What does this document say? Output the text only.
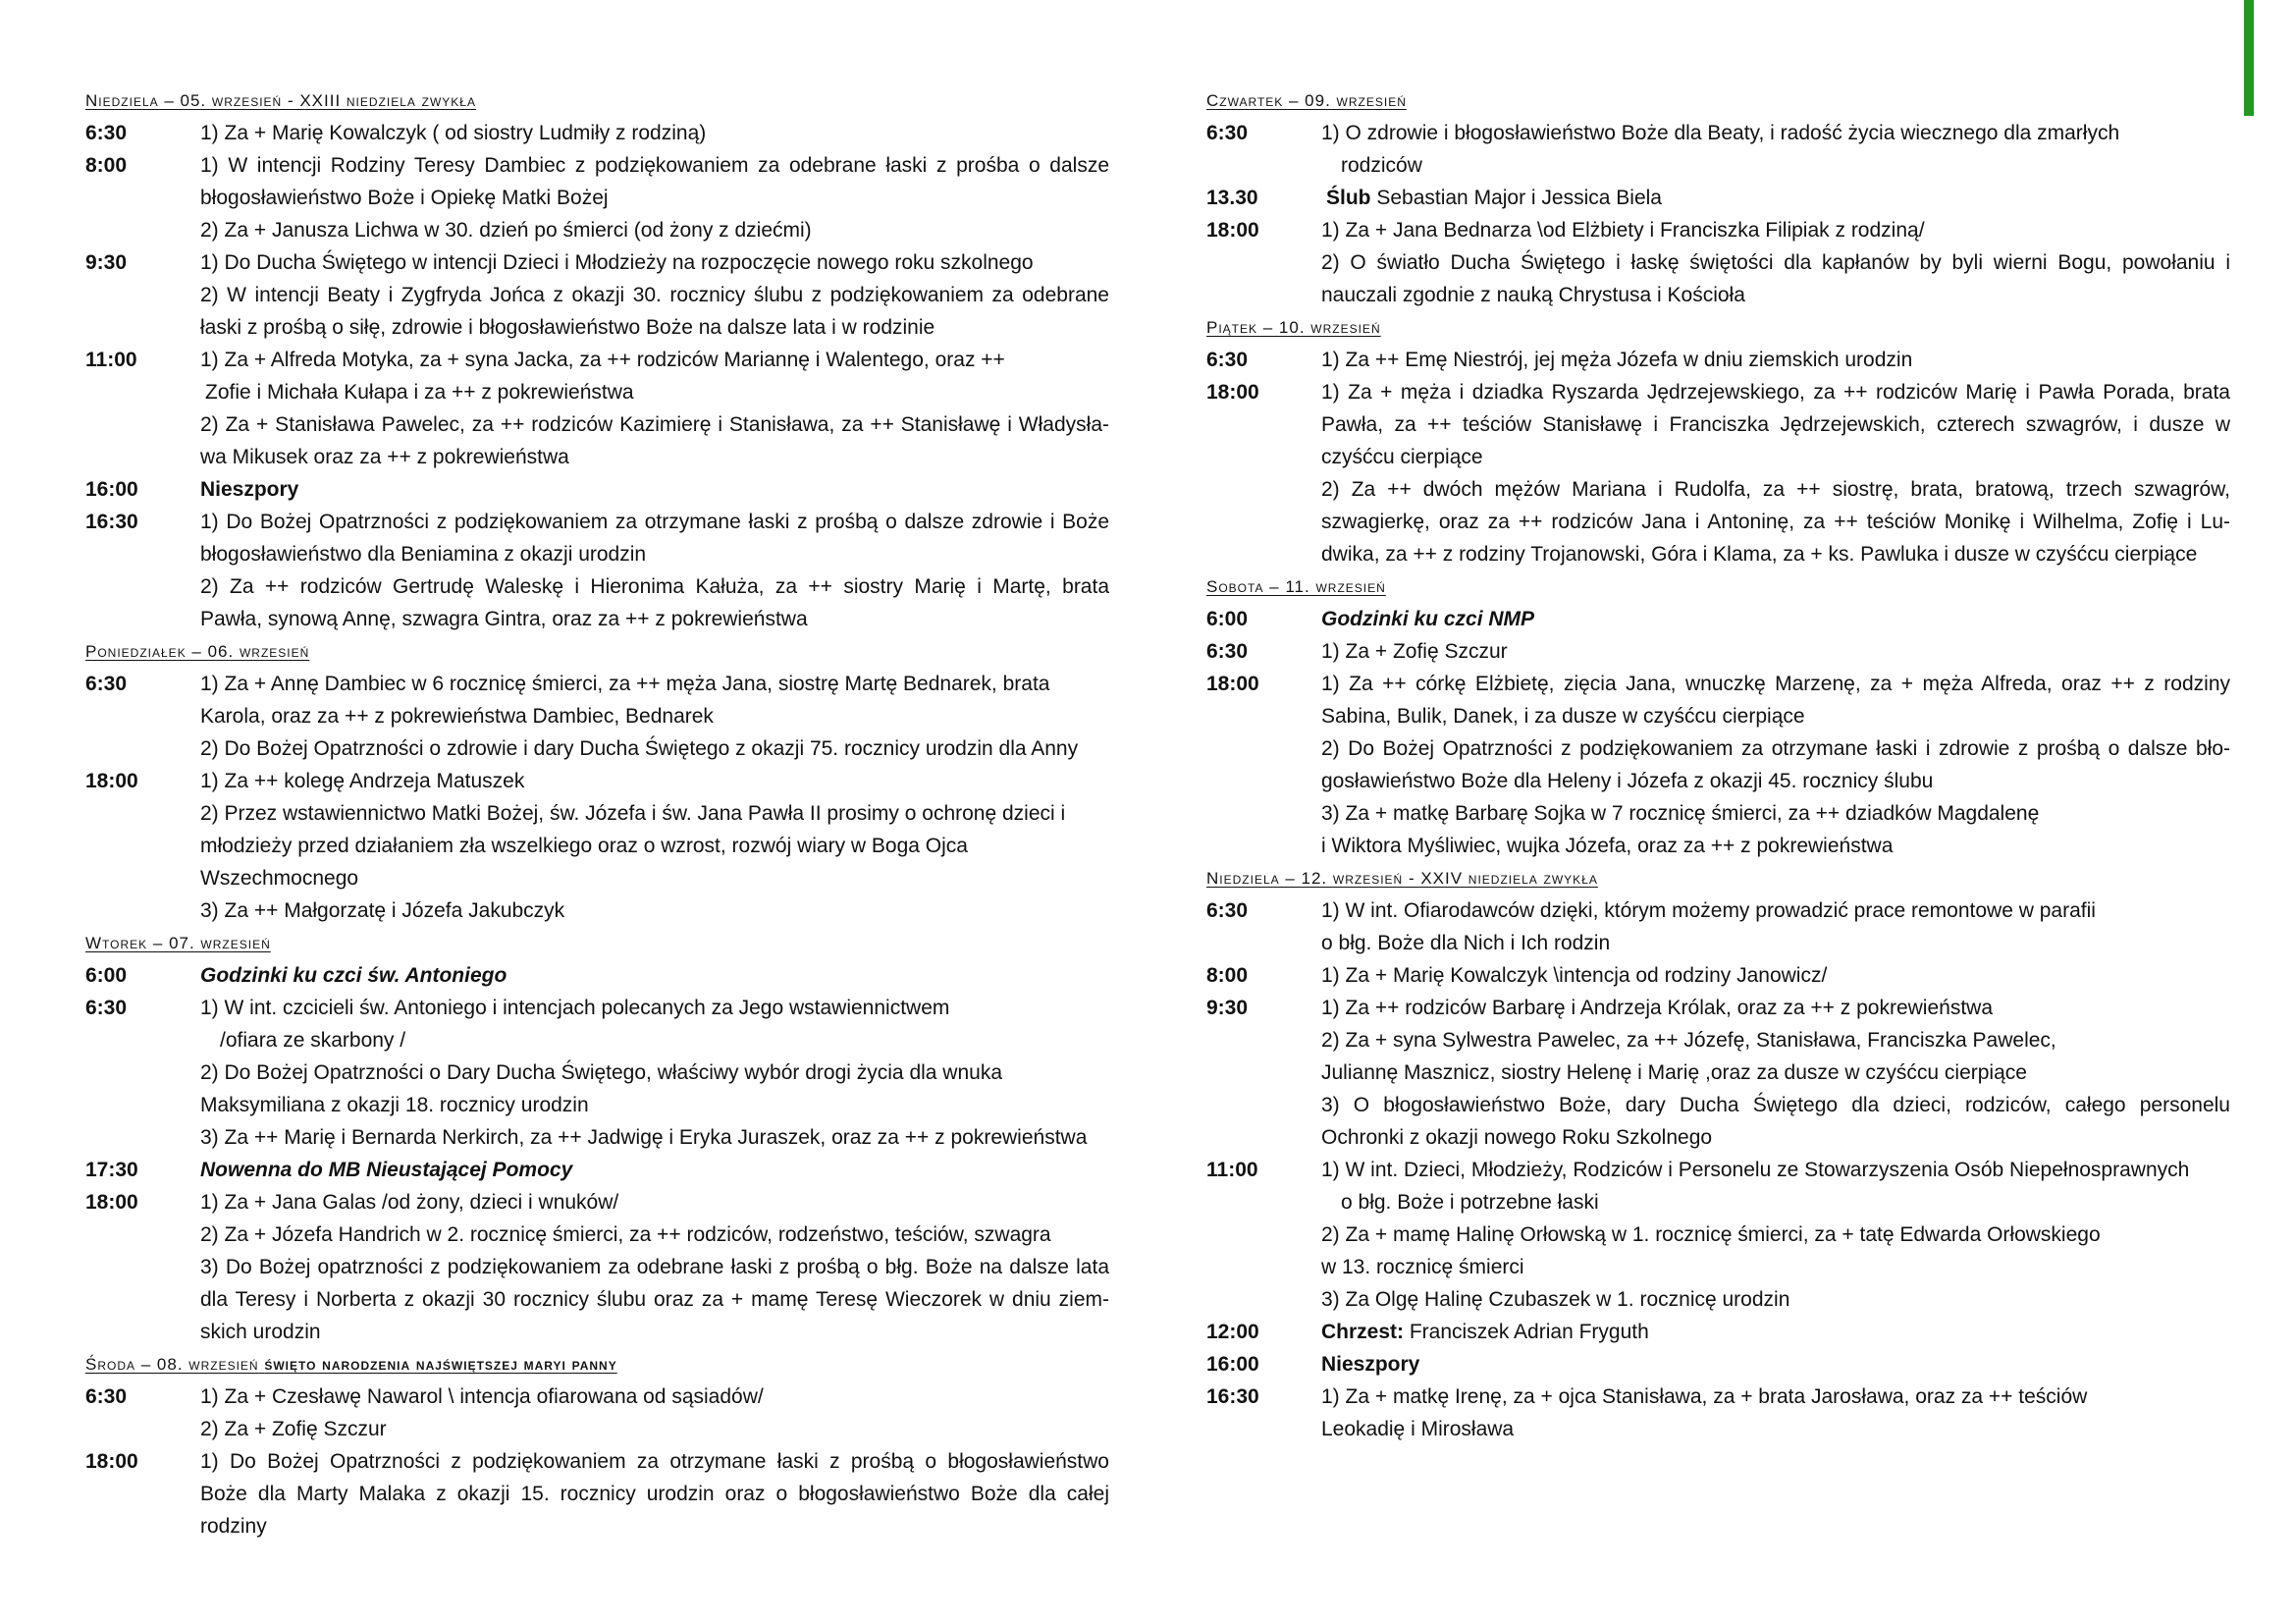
Niedziela – 05. wrzesień - XXIII niedziela zwykła
6:30	1) Za + Marię Kowalczyk ( od siostry Ludmiły z rodziną)
8:00	1) W intencji Rodziny Teresy Dambiec z podziękowaniem za odebrane łaski z prośba o dalsze
błogosławieństwo Boże i Opiekę Matki Bożej
2) Za + Janusza Lichwa w 30. dzień po śmierci (od żony z dziećmi)
9:30	1) Do Ducha Świętego w intencji Dzieci i Młodzieży na rozpoczęcie nowego roku szkolnego
2) W intencji Beaty i Zygfryda Jońca z okazji 30. rocznicy ślubu z podziękowaniem za odebrane
łaski z prośbą o siłę, zdrowie i błogosławieństwo Boże na dalsze lata i w rodzinie
11:00	1) Za + Alfreda Motyka, za + syna Jacka, za ++ rodziców Mariannę i Walentego, oraz ++
Zofie i Michała Kułapa i za ++ z pokrewieństwa
2) Za + Stanisława Pawelec, za ++ rodziców Kazimierę i Stanisława, za ++ Stanisławę i Władysła-
wa Mikusek oraz za ++ z pokrewieństwa
16:00	Nieszpory
16:30	1) Do Bożej Opatrzności z podziękowaniem za otrzymane łaski z prośbą o dalsze zdrowie i Boże
błogosławieństwo dla Beniamina z okazji urodzin
2) Za ++ rodziców Gertrudę Waleskę i Hieronima Kałuża, za ++ siostry Marię i Martę, brata
Pawła, synową Annę, szwagra Gintra, oraz za ++ z pokrewieństwa
Poniedziałek – 06. wrzesień
6:30	1) Za + Annę Dambiec w 6 rocznicę śmierci, za ++ męża Jana, siostrę Martę Bednarek, brata
Karola, oraz za ++ z pokrewieństwa Dambiec, Bednarek
2) Do Bożej Opatrzności o zdrowie i dary Ducha Świętego z okazji 75. rocznicy urodzin dla Anny
18:00	1) Za ++ kolegę Andrzeja Matuszek
2) Przez wstawiennictwo Matki Bożej, św. Józefa i św. Jana Pawła II prosimy o ochronę dzieci i
młodzieży przed działaniem zła wszelkiego oraz o wzrost, rozwój wiary w Boga Ojca
Wszechmocnego
3) Za ++ Małgorzatę i Józefa Jakubczyk
Wtorek – 07. wrzesień
6:00	Godzinki ku czci św. Antoniego
6:30	1) W int. czcicieli św. Antoniego i intencjach polecanych za Jego wstawiennictwem
/ofiara ze skarbony /
2) Do Bożej Opatrzności o Dary Ducha Świętego, właściwy wybór drogi życia dla wnuka
Maksymiliana z okazji 18. rocznicy urodzin
3) Za ++ Marię i Bernarda Nerkirch, za ++ Jadwigę i Eryka Juraszek, oraz za ++ z pokrewieństwa
17:30	Nowenna do MB Nieustającej Pomocy
18:00	1) Za + Jana Galas /od żony, dzieci i wnuków/
2) Za + Józefa Handrich w 2. rocznicę śmierci, za ++ rodziców, rodzeństwo, teściów, szwagra
3) Do Bożej opatrzności z podziękowaniem za odebrane łaski z prośbą o błg. Boże na dalsze lata
dla Teresy i Norberta z okazji 30 rocznicy ślubu oraz za + mamę Teresę Wieczorek w dniu ziem-
skich urodzin
Środa – 08. wrzesień święto narodzenia najświętszej maryi panny
6:30	1) Za + Czesławę Nawarol \ intencja ofiarowana od sąsiadów/
2) Za + Zofię Szczur
18:00	1) Do Bożej Opatrzności z podziękowaniem za otrzymane łaski z prośbą o błogosławieństwo
Boże dla Marty Malaka z okazji 15. rocznicy urodzin oraz o błogosławieństwo Boże dla całej
rodziny
Czwartek – 09. wrzesień
6:30	1) O zdrowie i błogosławieństwo Boże dla Beaty, i radość życia wiecznego dla zmarłych
rodziców
13.30	Ślub Sebastian Major i Jessica Biela
18:00	1) Za + Jana Bednarza \od Elżbiety i Franciszka Filipiak z rodziną/
2) O światło Ducha Świętego i łaskę świętości dla kapłanów by byli wierni Bogu, powołaniu i
nauczali zgodnie z nauką Chrystusa i Kościoła
Piątek – 10. wrzesień
6:30	1) Za ++ Emę Niestrój, jej męża Józefa w dniu ziemskich urodzin
18:00	1) Za + męża i dziadka Ryszarda Jędrzejewskiego, za ++ rodziców Marię i Pawła Porada, brata
Pawła, za ++ teściów Stanisławę i Franciszka Jędrzejewskich, czterech szwagrów, i dusze w
czyśćcu cierpiące
2) Za ++ dwóch mężów Mariana i Rudolfa, za ++ siostrę, brata, bratową, trzech szwagrów,
szwagierkę, oraz za ++ rodziców Jana i Antoninę, za ++ teściów Monikę i Wilhelma, Zofię i Lu-
dwika, za ++ z rodziny Trojanowski, Góra i Klama, za + ks. Pawluka i dusze w czyśćcu cierpiące
Sobota – 11. wrzesień
6:00	Godzinki ku czci NMP
6:30	1) Za + Zofię Szczur
18:00	1) Za ++ córkę Elżbietę, zięcia Jana, wnuczkę Marzenę, za + męża Alfreda, oraz ++ z rodziny
Sabina, Bulik, Danek, i za dusze w czyśćcu cierpiące
2) Do Bożej Opatrzności z podziękowaniem za otrzymane łaski i zdrowie z prośbą o dalsze bło-
gosławieństwo Boże dla Heleny i Józefa z okazji 45. rocznicy ślubu
3) Za + matkę Barbarę Sojka w 7 rocznicę śmierci, za ++ dziadków Magdalenę
i Wiktora Myśliwiec, wujka Józefa, oraz za ++ z pokrewieństwa
Niedziela – 12. wrzesień - XXIV niedziela zwykła
6:30	1) W int. Ofiarodawców dzięki, którym możemy prowadzić prace remontowe w parafii
o błg. Boże dla Nich i Ich rodzin
8:00	1) Za + Marię Kowalczyk \intencja od rodziny Janowicz/
9:30	1) Za ++ rodziców Barbarę i Andrzeja Królak, oraz za ++ z pokrewieństwa
2) Za + syna Sylwestra Pawelec, za ++ Józefę, Stanisława, Franciszka Pawelec,
Juliannę Masznicz, siostry Helenę i Marię ,oraz za dusze w czyśćcu cierpiące
3) O błogosławieństwo Boże, dary Ducha Świętego dla dzieci, rodziców, całego personelu
Ochronki z okazji nowego Roku Szkolnego
11:00	1) W int. Dzieci, Młodzieży, Rodziców i Personelu ze Stowarzyszenia Osób Niepełnosprawnych
o błg. Boże i potrzebne łaski
2) Za + mamę Halinę Orłowską w 1. rocznicę śmierci, za + tatę Edwarda Orłowskiego
w 13. rocznicę śmierci
3) Za Olgę Halinę Czubaszek w 1. rocznicę urodzin
12:00	Chrzest: Franciszek Adrian Fryguth
16:00	Nieszpory
16:30	1) Za + matkę Irenę, za + ojca Stanisława, za + brata Jarosława, oraz za ++ teściów
Leokadię i Mirosława
